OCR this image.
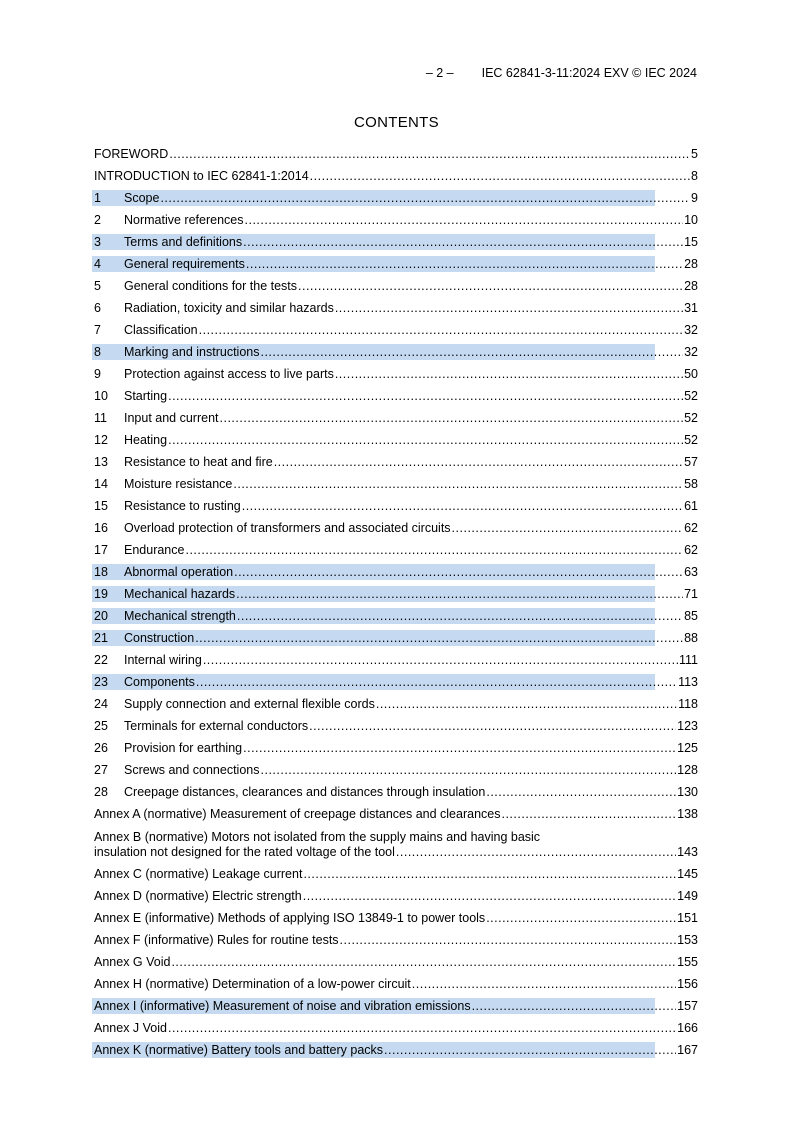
– 2 – IEC 62841-3-11:2024 EXV © IEC 2024
CONTENTS
FOREWORD .....	5
INTRODUCTION to IEC 62841-1:2014 .....	8
1	Scope .....	9
2	Normative references .....	10
3	Terms and definitions .....	15
4	General requirements .....	28
5	General conditions for the tests .....	28
6	Radiation, toxicity and similar hazards .....	31
7	Classification .....	32
8	Marking and instructions .....	32
9	Protection against access to live parts .....	50
10	Starting .....	52
11	Input and current .....	52
12	Heating .....	52
13	Resistance to heat and fire .....	57
14	Moisture resistance .....	58
15	Resistance to rusting .....	61
16	Overload protection of transformers and associated circuits .....	62
17	Endurance .....	62
18	Abnormal operation .....	63
19	Mechanical hazards .....	71
20	Mechanical strength .....	85
21	Construction .....	88
22	Internal wiring .....	111
23	Components .....	113
24	Supply connection and external flexible cords .....	118
25	Terminals for external conductors .....	123
26	Provision for earthing .....	125
27	Screws and connections .....	128
28	Creepage distances, clearances and distances through insulation .....	130
Annex A (normative) Measurement of creepage distances and clearances .....	138
Annex B (normative) Motors not isolated from the supply mains and having basic
insulation not designed for the rated voltage of the tool .....	143
Annex C (normative) Leakage current .....	145
Annex D (normative) Electric strength .....	149
Annex E (informative) Methods of applying ISO 13849-1 to power tools .....	151
Annex F (informative) Rules for routine tests .....	153
Annex G Void .....	155
Annex H (normative) Determination of a low-power circuit .....	156
Annex I (informative) Measurement of noise and vibration emissions .....	157
Annex J Void .....	166
Annex K (normative) Battery tools and battery packs .....	167
